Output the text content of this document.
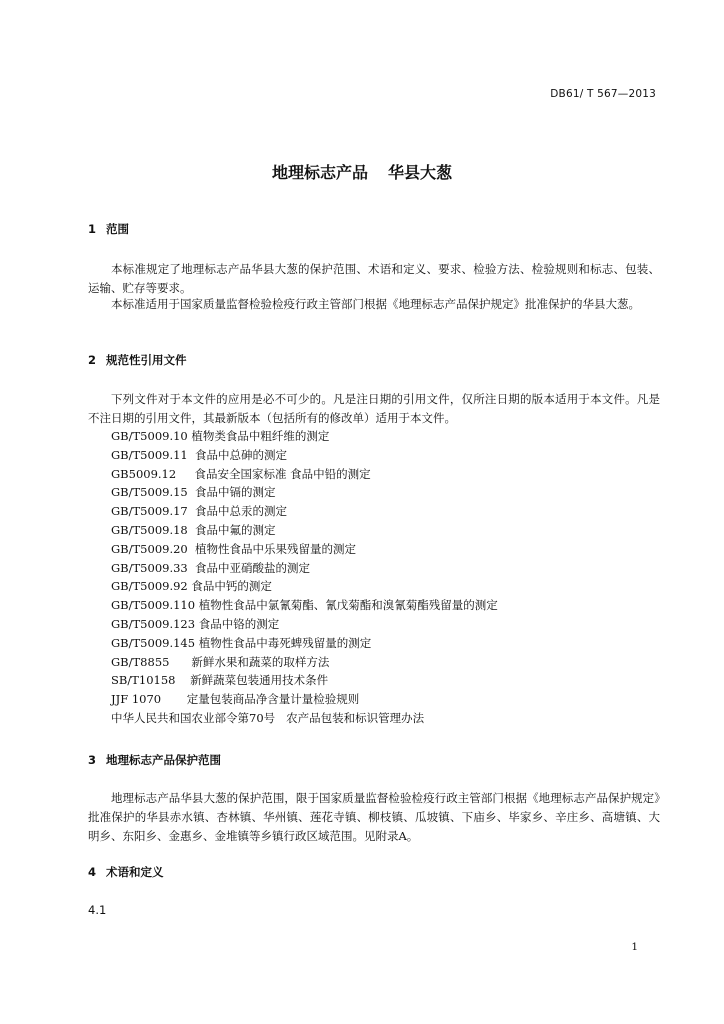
DB61/ T 567—2013
地理标志产品 华县大葱
1 范围
本标准规定了地理标志产品华县大葱的保护范围、术语和定义、要求、检验方法、检验规则和标志、包装、运输、贮存等要求。
本标准适用于国家质量监督检验检疫行政主管部门根据《地理标志产品保护规定》批准保护的华县大葱。
2 规范性引用文件
下列文件对于本文件的应用是必不可少的。凡是注日期的引用文件，仅所注日期的版本适用于本文件。凡是不注日期的引用文件，其最新版本（包括所有的修改单）适用于本文件。
GB/T5009.10 植物类食品中粗纤维的测定
GB/T5009.11  食品中总砷的测定
GB5009.12     食品安全国家标准 食品中铅的测定
GB/T5009.15  食品中镉的测定
GB/T5009.17  食品中总汞的测定
GB/T5009.18  食品中氟的测定
GB/T5009.20  植物性食品中乐果残留量的测定
GB/T5009.33  食品中亚硝酸盐的测定
GB/T5009.92 食品中钙的测定
GB/T5009.110 植物性食品中氯氰菊酯、氰戊菊酯和溴氰菊酯残留量的测定
GB/T5009.123 食品中铬的测定
GB/T5009.145 植物性食品中毒死蜱残留量的测定
GB/T8855      新鲜水果和蔬菜的取样方法
SB/T10158    新鲜蔬菜包装通用技术条件
JJF 1070       定量包装商品净含量计量检验规则
中华人民共和国农业部令第70号   农产品包装和标识管理办法
3 地理标志产品保护范围
地理标志产品华县大葱的保护范围，限于国家质量监督检验检疫行政主管部门根据《地理标志产品保护规定》批准保护的华县赤水镇、杏林镇、华州镇、莲花寺镇、柳枝镇、瓜坡镇、下庙乡、毕家乡、辛庄乡、高塘镇、大明乡、东阳乡、金惠乡、金堆镇等乡镇行政区域范围。见附录A。
4 术语和定义
4.1
1
